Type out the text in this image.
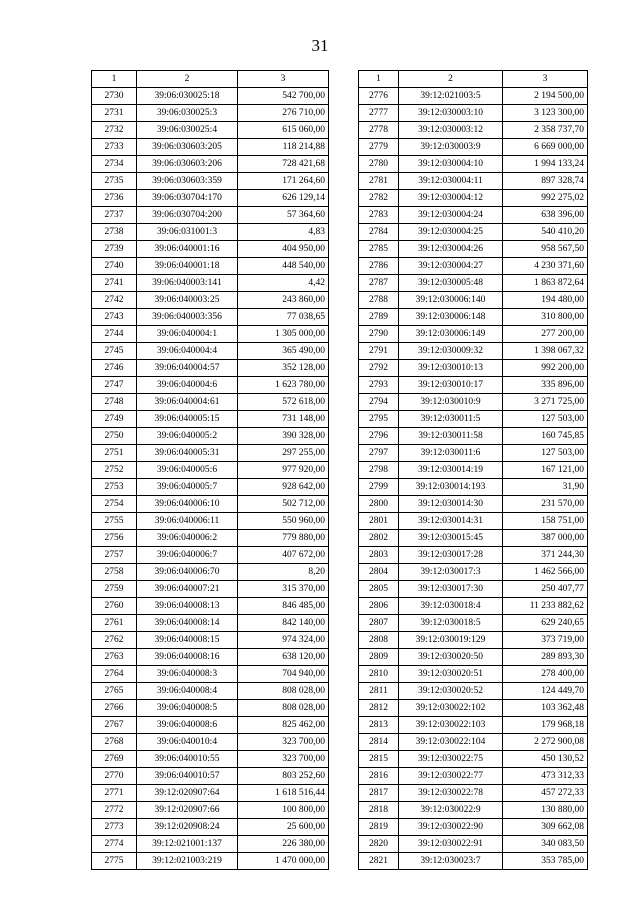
31
1	2	3
2730	39:06:030025:18	542 700,00
2731	39:06:030025:3	276 710,00
2732	39:06:030025:4	615 060,00
2733	39:06:030603:205	118 214,88
2734	39:06:030603:206	728 421,68
2735	39:06:030603:359	171 264,60
2736	39:06:030704:170	626 129,14
2737	39:06:030704:200	57 364,60
2738	39:06:031001:3	4,83
2739	39:06:040001:16	404 950,00
2740	39:06:040001:18	448 540,00
2741	39:06:040003:141	4,42
2742	39:06:040003:25	243 860,00
2743	39:06:040003:356	77 038,65
2744	39:06:040004:1	1 305 000,00
2745	39:06:040004:4	365 490,00
2746	39:06:040004:57	352 128,00
2747	39:06:040004:6	1 623 780,00
2748	39:06:040004:61	572 618,00
2749	39:06:040005:15	731 148,00
2750	39:06:040005:2	390 328,00
2751	39:06:040005:31	297 255,00
2752	39:06:040005:6	977 920,00
2753	39:06:040005:7	928 642,00
2754	39:06:040006:10	502 712,00
2755	39:06:040006:11	550 960,00
2756	39:06:040006:2	779 880,00
2757	39:06:040006:7	407 672,00
2758	39:06:040006:70	8,20
2759	39:06:040007:21	315 370,00
2760	39:06:040008:13	846 485,00
2761	39:06:040008:14	842 140,00
2762	39:06:040008:15	974 324,00
2763	39:06:040008:16	638 120,00
2764	39:06:040008:3	704 940,00
2765	39:06:040008:4	808 028,00
2766	39:06:040008:5	808 028,00
2767	39:06:040008:6	825 462,00
2768	39:06:040010:4	323 700,00
2769	39:06:040010:55	323 700,00
2770	39:06:040010:57	803 252,60
2771	39:12:020907:64	1 618 516,44
2772	39:12:020907:66	100 800,00
2773	39:12:020908:24	25 600,00
2774	39:12:021001:137	226 380,00
2775	39:12:021003:219	1 470 000,00
1	2	3
2776	39:12:021003:5	2 194 500,00
2777	39:12:030003:10	3 123 300,00
2778	39:12:030003:12	2 358 737,70
2779	39:12:030003:9	6 669 000,00
2780	39:12:030004:10	1 994 133,24
2781	39:12:030004:11	897 328,74
2782	39:12:030004:12	992 275,02
2783	39:12:030004:24	638 396,00
2784	39:12:030004:25	540 410,20
2785	39:12:030004:26	958 567,50
2786	39:12:030004:27	4 230 371,60
2787	39:12:030005:48	1 863 872,64
2788	39:12:030006:140	194 480,00
2789	39:12:030006:148	310 800,00
2790	39:12:030006:149	277 200,00
2791	39:12:030009:32	1 398 067,32
2792	39:12:030010:13	992 200,00
2793	39:12:030010:17	335 896,00
2794	39:12:030010:9	3 271 725,00
2795	39:12:030011:5	127 503,00
2796	39:12:030011:58	160 745,85
2797	39:12:030011:6	127 503,00
2798	39:12:030014:19	167 121,00
2799	39:12:030014:193	31,90
2800	39:12:030014:30	231 570,00
2801	39:12:030014:31	158 751,00
2802	39:12:030015:45	387 000,00
2803	39:12:030017:28	371 244,30
2804	39:12:030017:3	1 462 566,00
2805	39:12:030017:30	250 407,77
2806	39:12:030018:4	11 233 882,62
2807	39:12:030018:5	629 240,65
2808	39:12:030019:129	373 719,00
2809	39:12:030020:50	289 893,30
2810	39:12:030020:51	278 400,00
2811	39:12:030020:52	124 449,70
2812	39:12:030022:102	103 362,48
2813	39:12:030022:103	179 968,18
2814	39:12:030022:104	2 272 900,08
2815	39:12:030022:75	450 130,52
2816	39:12:030022:77	473 312,33
2817	39:12:030022:78	457 272,33
2818	39:12:030022:9	130 880,00
2819	39:12:030022:90	309 662,08
2820	39:12:030022:91	340 083,50
2821	39:12:030023:7	353 785,00
